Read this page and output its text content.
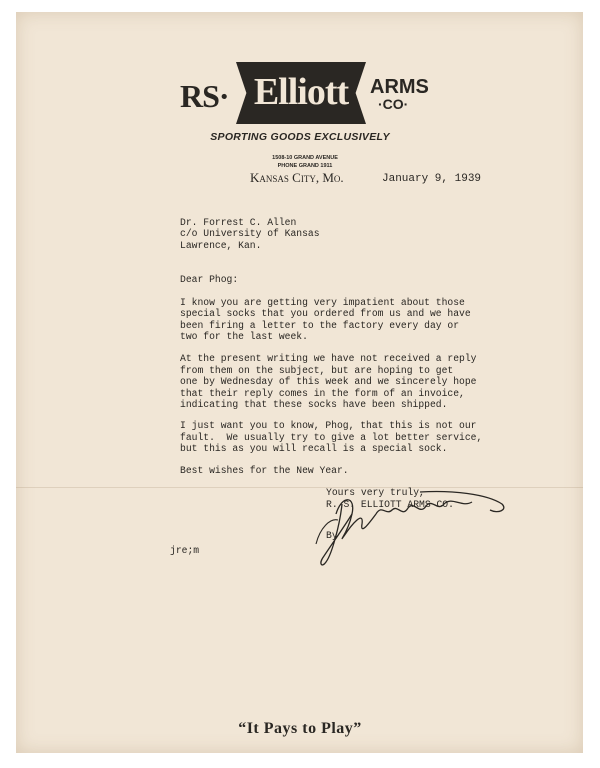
RS· Elliott	ARMS
·CO·
SPORTING GOODS EXCLUSIVELY
1508-10 GRAND AVENUE
PHONE GRAND 1911
Kansas City, Mo.	January 9, 1939
Dr. Forrest C. Allen
c/o University of Kansas
Lawrence, Kan.
Dear Phog:
I know you are getting very impatient about those
special socks that you ordered from us and we have
been firing a letter to the factory every day or
two for the last week.
At the present writing we have not received a reply
from them on the subject, but are hoping to get
one by Wednesday of this week and we sincerely hope
that their reply comes in the form of an invoice,
indicating that these socks have been shipped.
I just want you to know, Phog, that this is not our
fault.  We usually try to give a lot better service,
but this as you will recall is a special sock.
Best wishes for the New Year.
Yours very truly,
R. S. ELLIOTT ARMS CO.
By
jre;m
“It Pays to Play”
